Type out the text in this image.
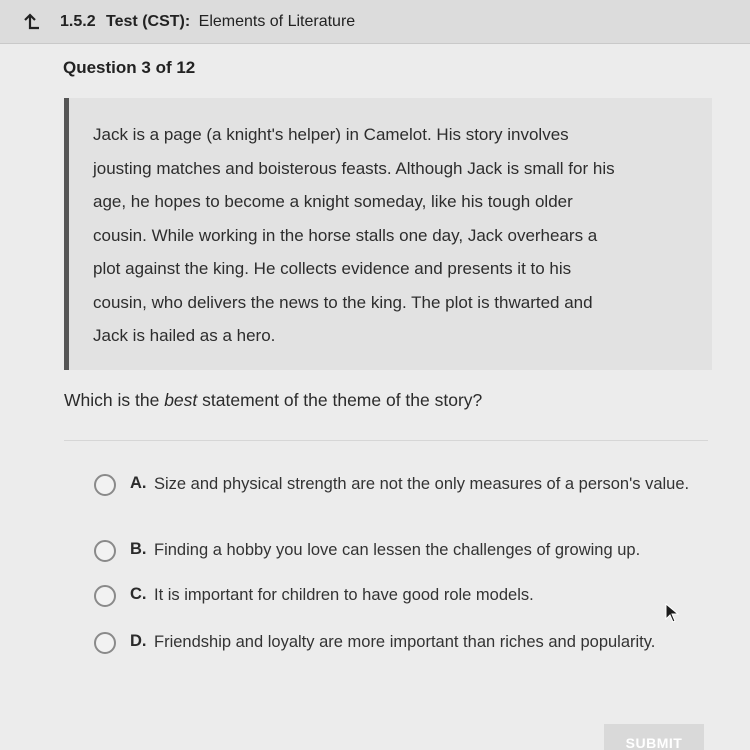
1.5.2 Test (CST): Elements of Literature
Question 3 of 12

Jack is a page (a knight's helper) in Camelot. His story involves
jousting matches and boisterous feasts. Although Jack is small for his
age, he hopes to become a knight someday, like his tough older
cousin. While working in the horse stalls one day, Jack overhears a
plot against the king. He collects evidence and presents it to his
cousin, who delivers the news to the king. The plot is thwarted and
Jack is hailed as a hero.

Which is the best statement of the theme of the story?
A. Size and physical strength are not the only measures of a person's value.
B. Finding a hobby you love can lessen the challenges of growing up.
C. It is important for children to have good role models.
D. Friendship and loyalty are more important than riches and popularity.
SUBMIT
